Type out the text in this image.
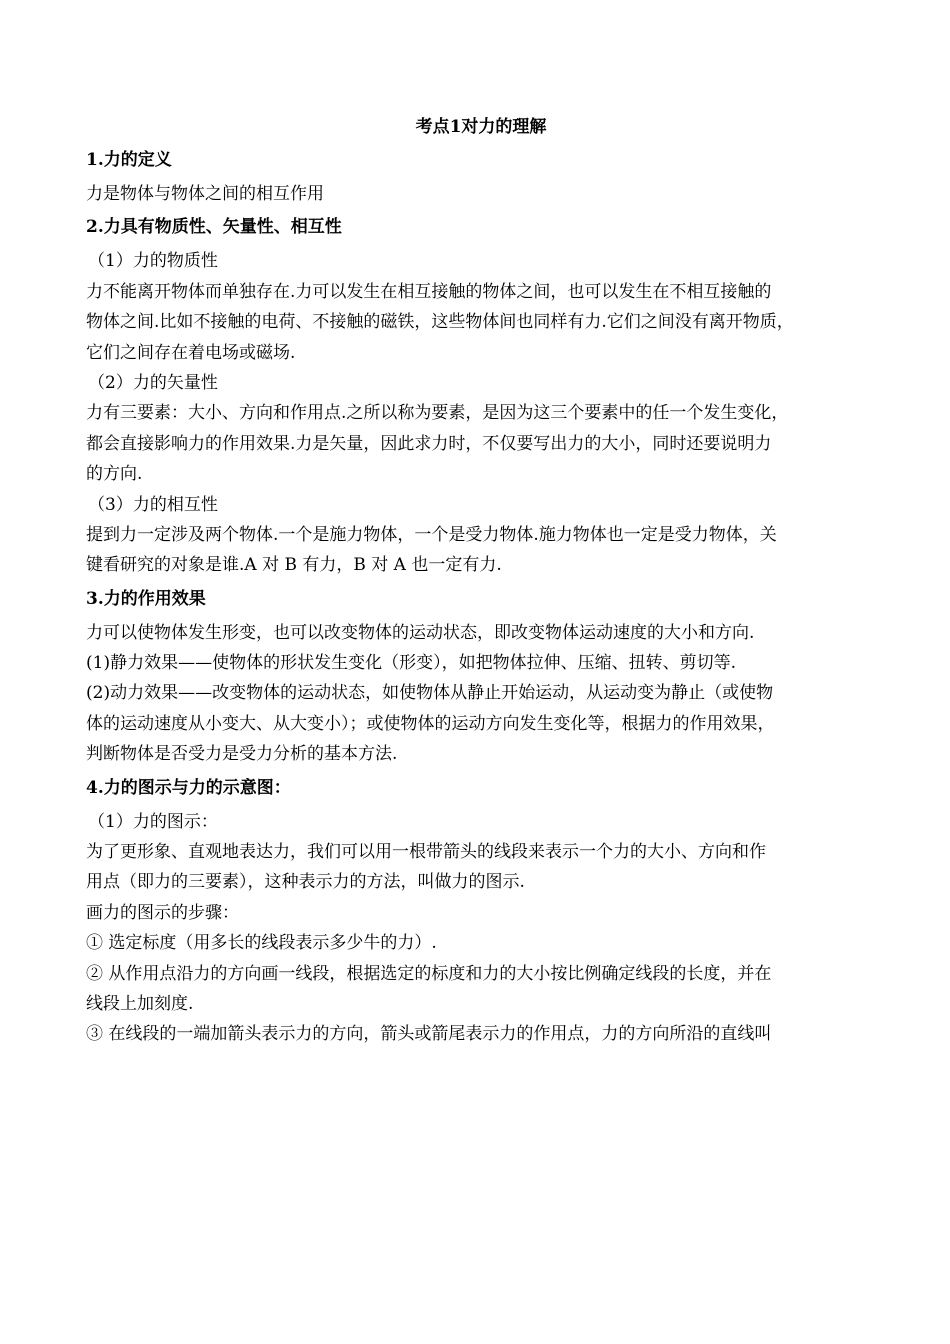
考点1对力的理解

1.力的定义

力是物体与物体之间的相互作用

2.力具有物质性、矢量性、相互性

（1）力的物质性

力不能离开物体而单独存在.力可以发生在相互接触的物体之间，也可以发生在不相互接触的

物体之间.比如不接触的电荷、不接触的磁铁，这些物体间也同样有力.它们之间没有离开物质，

它们之间存在着电场或磁场.

（2）力的矢量性

力有三要素：大小、方向和作用点.之所以称为要素，是因为这三个要素中的任一个发生变化，

都会直接影响力的作用效果.力是矢量，因此求力时，不仅要写出力的大小，同时还要说明力

的方向.

（3）力的相互性

提到力一定涉及两个物体.一个是施力物体，一个是受力物体.施力物体也一定是受力物体，关

键看研究的对象是谁.A 对 B 有力，B 对 A 也一定有力.

3.力的作用效果

力可以使物体发生形变，也可以改变物体的运动状态，即改变物体运动速度的大小和方向.

(1)静力效果——使物体的形状发生变化（形变），如把物体拉伸、压缩、扭转、剪切等.

(2)动力效果——改变物体的运动状态，如使物体从静止开始运动，从运动变为静止（或使物

体的运动速度从小变大、从大变小）；或使物体的运动方向发生变化等，根据力的作用效果，

判断物体是否受力是受力分析的基本方法.

4.力的图示与力的示意图：

（1）力的图示：

为了更形象、直观地表达力，我们可以用一根带箭头的线段来表示一个力的大小、方向和作

用点（即力的三要素），这种表示力的方法，叫做力的图示.

画力的图示的步骤：

① 选定标度（用多长的线段表示多少牛的力）.

② 从作用点沿力的方向画一线段，根据选定的标度和力的大小按比例确定线段的长度，并在

线段上加刻度.

③ 在线段的一端加箭头表示力的方向，箭头或箭尾表示力的作用点，力的方向所沿的直线叫
